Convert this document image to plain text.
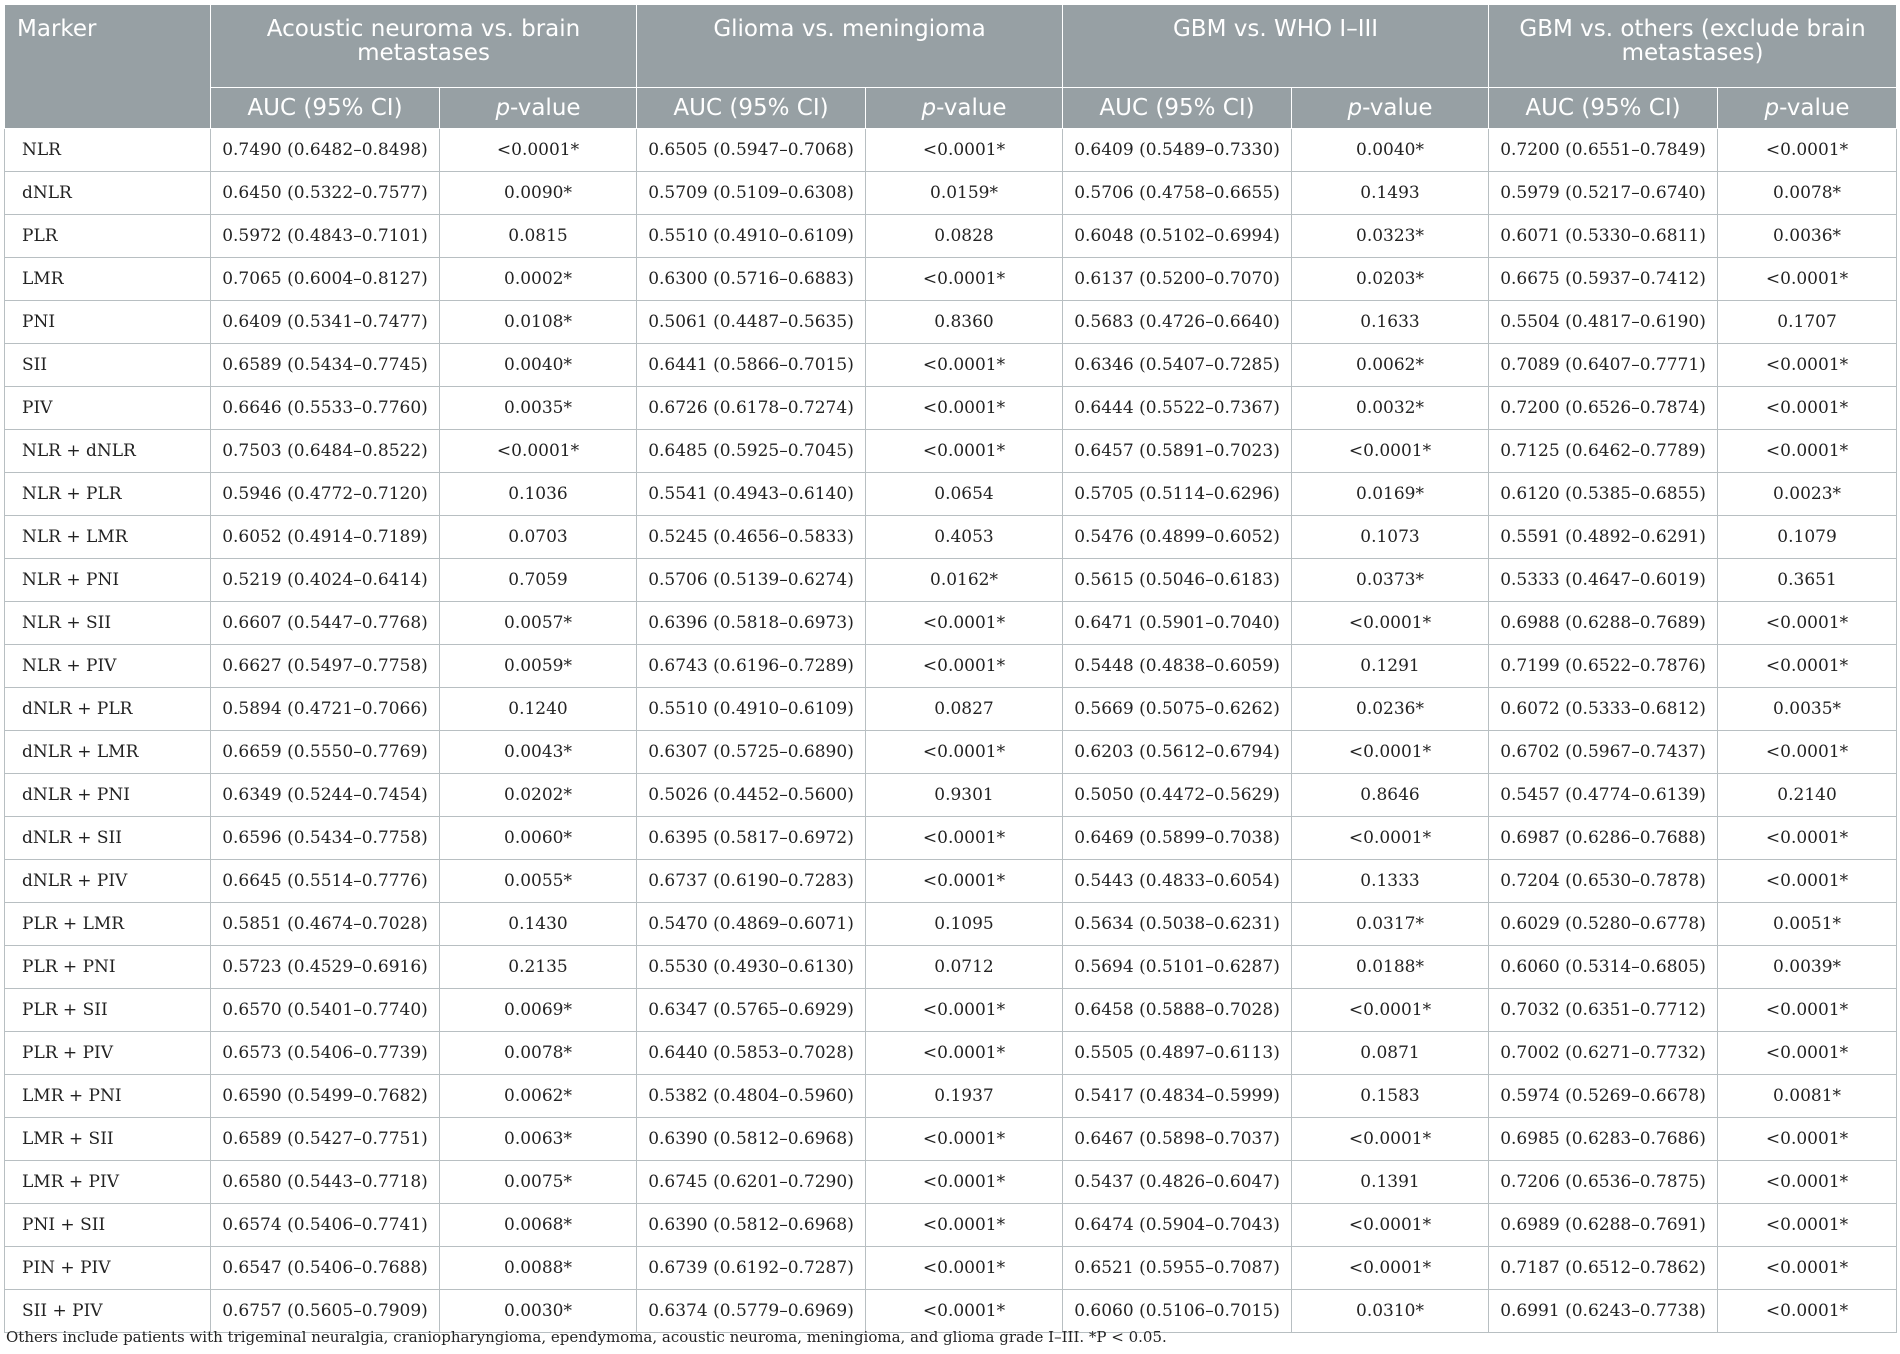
Marker	Acoustic neuroma vs. brain metastases		Glioma vs. meningioma		GBM vs. WHO I–III		GBM vs. others (exclude brain metastases)	
	AUC (95% CI)	p-value	AUC (95% CI)	p-value	AUC (95% CI)	p-value	AUC (95% CI)	p-value
NLR	0.7490 (0.6482–0.8498)	<0.0001*	0.6505 (0.5947–0.7068)	<0.0001*	0.6409 (0.5489–0.7330)	0.0040*	0.7200 (0.6551–0.7849)	<0.0001*
dNLR	0.6450 (0.5322–0.7577)	0.0090*	0.5709 (0.5109–0.6308)	0.0159*	0.5706 (0.4758–0.6655)	0.1493	0.5979 (0.5217–0.6740)	0.0078*
PLR	0.5972 (0.4843–0.7101)	0.0815	0.5510 (0.4910–0.6109)	0.0828	0.6048 (0.5102–0.6994)	0.0323*	0.6071 (0.5330–0.6811)	0.0036*
LMR	0.7065 (0.6004–0.8127)	0.0002*	0.6300 (0.5716–0.6883)	<0.0001*	0.6137 (0.5200–0.7070)	0.0203*	0.6675 (0.5937–0.7412)	<0.0001*
PNI	0.6409 (0.5341–0.7477)	0.0108*	0.5061 (0.4487–0.5635)	0.8360	0.5683 (0.4726–0.6640)	0.1633	0.5504 (0.4817–0.6190)	0.1707
SII	0.6589 (0.5434–0.7745)	0.0040*	0.6441 (0.5866–0.7015)	<0.0001*	0.6346 (0.5407–0.7285)	0.0062*	0.7089 (0.6407–0.7771)	<0.0001*
PIV	0.6646 (0.5533–0.7760)	0.0035*	0.6726 (0.6178–0.7274)	<0.0001*	0.6444 (0.5522–0.7367)	0.0032*	0.7200 (0.6526–0.7874)	<0.0001*
NLR + dNLR	0.7503 (0.6484–0.8522)	<0.0001*	0.6485 (0.5925–0.7045)	<0.0001*	0.6457 (0.5891–0.7023)	<0.0001*	0.7125 (0.6462–0.7789)	<0.0001*
NLR + PLR	0.5946 (0.4772–0.7120)	0.1036	0.5541 (0.4943–0.6140)	0.0654	0.5705 (0.5114–0.6296)	0.0169*	0.6120 (0.5385–0.6855)	0.0023*
NLR + LMR	0.6052 (0.4914–0.7189)	0.0703	0.5245 (0.4656–0.5833)	0.4053	0.5476 (0.4899–0.6052)	0.1073	0.5591 (0.4892–0.6291)	0.1079
NLR + PNI	0.5219 (0.4024–0.6414)	0.7059	0.5706 (0.5139–0.6274)	0.0162*	0.5615 (0.5046–0.6183)	0.0373*	0.5333 (0.4647–0.6019)	0.3651
NLR + SII	0.6607 (0.5447–0.7768)	0.0057*	0.6396 (0.5818–0.6973)	<0.0001*	0.6471 (0.5901–0.7040)	<0.0001*	0.6988 (0.6288–0.7689)	<0.0001*
NLR + PIV	0.6627 (0.5497–0.7758)	0.0059*	0.6743 (0.6196–0.7289)	<0.0001*	0.5448 (0.4838–0.6059)	0.1291	0.7199 (0.6522–0.7876)	<0.0001*
dNLR + PLR	0.5894 (0.4721–0.7066)	0.1240	0.5510 (0.4910–0.6109)	0.0827	0.5669 (0.5075–0.6262)	0.0236*	0.6072 (0.5333–0.6812)	0.0035*
dNLR + LMR	0.6659 (0.5550–0.7769)	0.0043*	0.6307 (0.5725–0.6890)	<0.0001*	0.6203 (0.5612–0.6794)	<0.0001*	0.6702 (0.5967–0.7437)	<0.0001*
dNLR + PNI	0.6349 (0.5244–0.7454)	0.0202*	0.5026 (0.4452–0.5600)	0.9301	0.5050 (0.4472–0.5629)	0.8646	0.5457 (0.4774–0.6139)	0.2140
dNLR + SII	0.6596 (0.5434–0.7758)	0.0060*	0.6395 (0.5817–0.6972)	<0.0001*	0.6469 (0.5899–0.7038)	<0.0001*	0.6987 (0.6286–0.7688)	<0.0001*
dNLR + PIV	0.6645 (0.5514–0.7776)	0.0055*	0.6737 (0.6190–0.7283)	<0.0001*	0.5443 (0.4833–0.6054)	0.1333	0.7204 (0.6530–0.7878)	<0.0001*
PLR + LMR	0.5851 (0.4674–0.7028)	0.1430	0.5470 (0.4869–0.6071)	0.1095	0.5634 (0.5038–0.6231)	0.0317*	0.6029 (0.5280–0.6778)	0.0051*
PLR + PNI	0.5723 (0.4529–0.6916)	0.2135	0.5530 (0.4930–0.6130)	0.0712	0.5694 (0.5101–0.6287)	0.0188*	0.6060 (0.5314–0.6805)	0.0039*
PLR + SII	0.6570 (0.5401–0.7740)	0.0069*	0.6347 (0.5765–0.6929)	<0.0001*	0.6458 (0.5888–0.7028)	<0.0001*	0.7032 (0.6351–0.7712)	<0.0001*
PLR + PIV	0.6573 (0.5406–0.7739)	0.0078*	0.6440 (0.5853–0.7028)	<0.0001*	0.5505 (0.4897–0.6113)	0.0871	0.7002 (0.6271–0.7732)	<0.0001*
LMR + PNI	0.6590 (0.5499–0.7682)	0.0062*	0.5382 (0.4804–0.5960)	0.1937	0.5417 (0.4834–0.5999)	0.1583	0.5974 (0.5269–0.6678)	0.0081*
LMR + SII	0.6589 (0.5427–0.7751)	0.0063*	0.6390 (0.5812–0.6968)	<0.0001*	0.6467 (0.5898–0.7037)	<0.0001*	0.6985 (0.6283–0.7686)	<0.0001*
LMR + PIV	0.6580 (0.5443–0.7718)	0.0075*	0.6745 (0.6201–0.7290)	<0.0001*	0.5437 (0.4826–0.6047)	0.1391	0.7206 (0.6536–0.7875)	<0.0001*
PNI + SII	0.6574 (0.5406–0.7741)	0.0068*	0.6390 (0.5812–0.6968)	<0.0001*	0.6474 (0.5904–0.7043)	<0.0001*	0.6989 (0.6288–0.7691)	<0.0001*
PIN + PIV	0.6547 (0.5406–0.7688)	0.0088*	0.6739 (0.6192–0.7287)	<0.0001*	0.6521 (0.5955–0.7087)	<0.0001*	0.7187 (0.6512–0.7862)	<0.0001*
SII + PIV	0.6757 (0.5605–0.7909)	0.0030*	0.6374 (0.5779–0.6969)	<0.0001*	0.6060 (0.5106–0.7015)	0.0310*	0.6991 (0.6243–0.7738)	<0.0001*
Others include patients with trigeminal neuralgia, craniopharyngioma, ependymoma, acoustic neuroma, meningioma, and glioma grade I–III. *P < 0.05.
